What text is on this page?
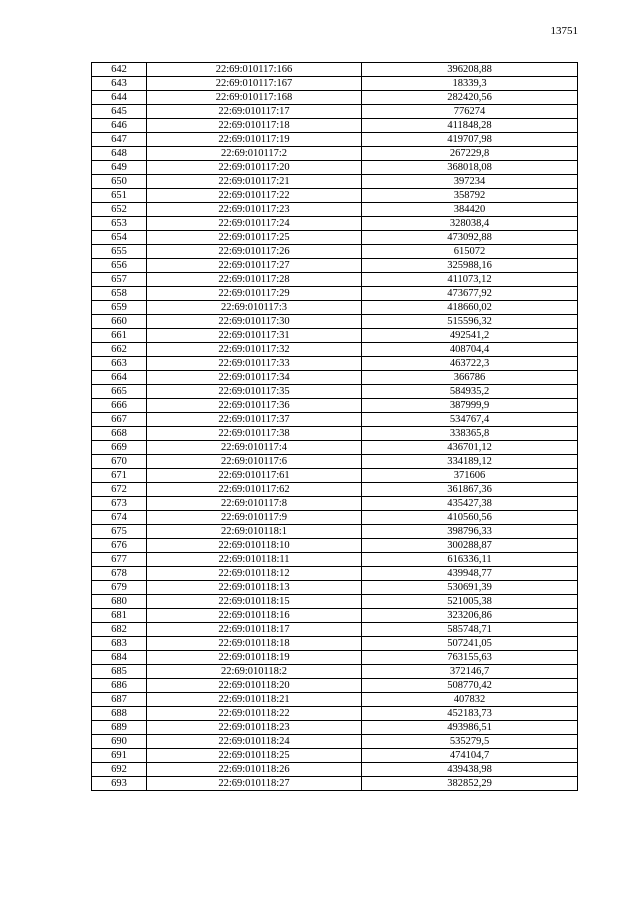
13751
642	22:69:010117:166	396208,88
643	22:69:010117:167	18339,3
644	22:69:010117:168	282420,56
645	22:69:010117:17	776274
646	22:69:010117:18	411848,28
647	22:69:010117:19	419707,98
648	22:69:010117:2	267229,8
649	22:69:010117:20	368018,08
650	22:69:010117:21	397234
651	22:69:010117:22	358792
652	22:69:010117:23	384420
653	22:69:010117:24	328038,4
654	22:69:010117:25	473092,88
655	22:69:010117:26	615072
656	22:69:010117:27	325988,16
657	22:69:010117:28	411073,12
658	22:69:010117:29	473677,92
659	22:69:010117:3	418660,02
660	22:69:010117:30	515596,32
661	22:69:010117:31	492541,2
662	22:69:010117:32	408704,4
663	22:69:010117:33	463722,3
664	22:69:010117:34	366786
665	22:69:010117:35	584935,2
666	22:69:010117:36	387999,9
667	22:69:010117:37	534767,4
668	22:69:010117:38	338365,8
669	22:69:010117:4	436701,12
670	22:69:010117:6	334189,12
671	22:69:010117:61	371606
672	22:69:010117:62	361867,36
673	22:69:010117:8	435427,38
674	22:69:010117:9	410560,56
675	22:69:010118:1	398796,33
676	22:69:010118:10	300288,87
677	22:69:010118:11	616336,11
678	22:69:010118:12	439948,77
679	22:69:010118:13	530691,39
680	22:69:010118:15	521005,38
681	22:69:010118:16	323206,86
682	22:69:010118:17	585748,71
683	22:69:010118:18	507241,05
684	22:69:010118:19	763155,63
685	22:69:010118:2	372146,7
686	22:69:010118:20	508770,42
687	22:69:010118:21	407832
688	22:69:010118:22	452183,73
689	22:69:010118:23	493986,51
690	22:69:010118:24	535279,5
691	22:69:010118:25	474104,7
692	22:69:010118:26	439438,98
693	22:69:010118:27	382852,29
